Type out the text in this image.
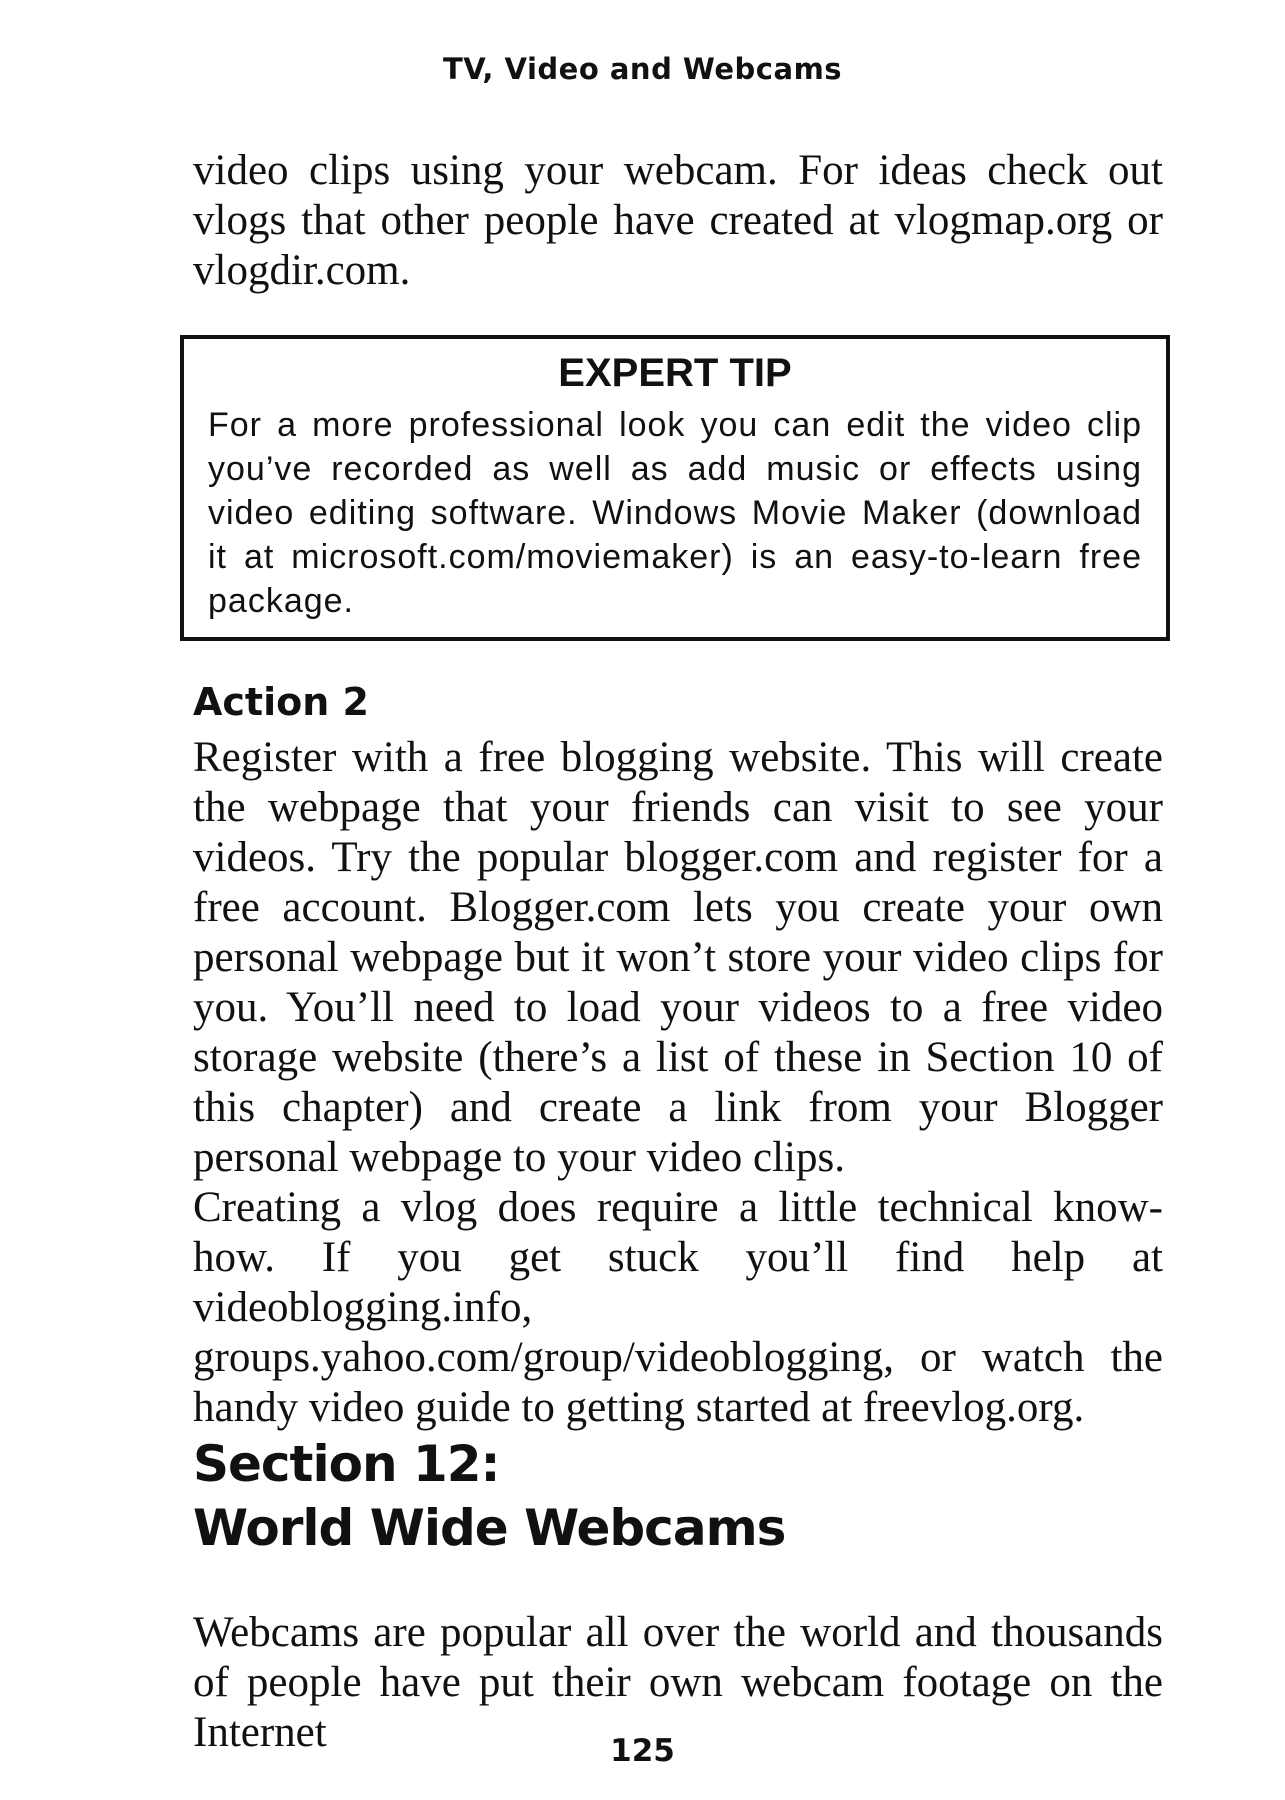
TV, Video and Webcams

video clips using your webcam. For ideas check out vlogs that other people have created at vlogmap.org or vlogdir.com.

EXPERT TIP

For a more professional look you can edit the video clip you’ve recorded as well as add music or effects using video editing software. Windows Movie Maker (download it at microsoft.com/moviemaker) is an easy-to-learn free package.

Action 2

Register with a free blogging website. This will create the webpage that your friends can visit to see your videos. Try the popular blogger.com and register for a free account. Blogger.com lets you create your own personal webpage but it won’t store your video clips for you. You’ll need to load your videos to a free video storage website (there’s a list of these in Section 10 of this chapter) and create a link from your Blogger personal webpage to your video clips.

Creating a vlog does require a little technical know-how. If you get stuck you’ll find help at videoblogging.info, groups.yahoo.com/group/videoblogging, or watch the handy video guide to getting started at freevlog.org.

Section 12:
World Wide Webcams

Webcams are popular all over the world and thousands of people have put their own webcam footage on the Internet	125
